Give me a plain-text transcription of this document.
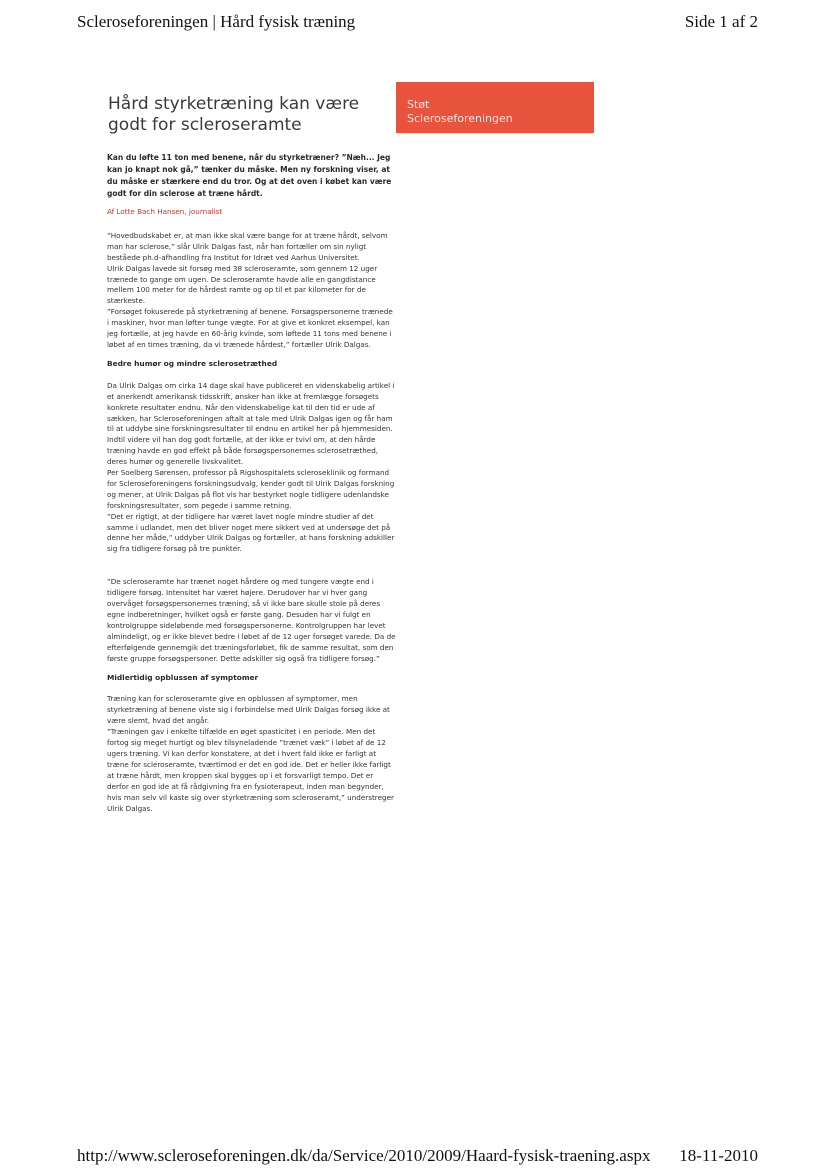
Scleroseforeningen | Hård fysisk træning	Side 1 af 2
Hård styrketræning kan være godt for scleroseramte
Støt
Scleroseforeningen

Kan du løfte 11 ton med benene, når du styrketræner? ”Næh... Jeg kan jo knapt nok gå,” tænker du måske. Men ny forskning viser, at du måske er stærkere end du tror. Og at det oven i købet kan være godt for din sclerose at træne hårdt.

Af Lotte Bach Hansen, journalist

”Hovedbudskabet er, at man ikke skal være bange for at træne hårdt, selvom man har sclerose,” slår Ulrik Dalgas fast, når han fortæller om sin nyligt beståede ph.d-afhandling fra Institut for Idræt ved Aarhus Universitet.

Ulrik Dalgas lavede sit forsøg med 38 scleroseramte, som gennem 12 uger trænede to gange om ugen. De scleroseramte havde alle en gangdistance mellem 100 meter for de hårdest ramte og op til et par kilometer for de stærkeste.

”Forsøget fokuserede på styrketræning af benene. Forsøgspersonerne trænede i maskiner, hvor man løfter tunge vægte. For at give et konkret eksempel, kan jeg fortælle, at jeg havde en 60-årig kvinde, som løftede 11 tons med benene i løbet af en times træning, da vi trænede hårdest,” fortæller Ulrik Dalgas.

Bedre humør og mindre sclerosetræthed

Da Ulrik Dalgas om cirka 14 dage skal have publiceret en videnskabelig artikel i et anerkendt amerikansk tidsskrift, ønsker han ikke at fremlægge forsøgets konkrete resultater endnu. Når den videnskabelige kat til den tid er ude af sækken, har Scleroseforeningen aftalt at tale med Ulrik Dalgas igen og får ham til at uddybe sine forskningsresultater til endnu en artikel her på hjemmesiden. Indtil videre vil han dog godt fortælle, at der ikke er tvivl om, at den hårde træning havde en god effekt på både forsøgspersonernes sclerosetræthed, deres humør og generelle livskvalitet.

Per Soelberg Sørensen, professor på Rigshospitalets scleroseklinik og formand for Scleroseforeningens forskningsudvalg, kender godt til Ulrik Dalgas forskning og mener, at Ulrik Dalgas på flot vis har bestyrket nogle tidligere udenlandske forskningsresultater, som pegede i samme retning.

”Det er rigtigt, at der tidligere har været lavet nogle mindre studier af det samme i udlandet, men det bliver noget mere sikkert ved at undersøge det på denne her måde,” uddyber Ulrik Dalgas og fortæller, at hans forskning adskiller sig fra tidligere forsøg på tre punkter.

”De scleroseramte har trænet noget hårdere og med tungere vægte end i tidligere forsøg. Intensitet har været højere. Derudover har vi hver gang overvåget forsøgspersonernes træning, så vi ikke bare skulle stole på deres egne indberetninger, hvilket også er første gang. Desuden har vi fulgt en kontrolgruppe sideløbende med forsøgspersonerne. Kontrolgruppen har levet almindeligt, og er ikke blevet bedre i løbet af de 12 uger forsøget varede. Da de efterfølgende gennemgik det træningsforløbet, fik de samme resultat, som den første gruppe forsøgspersoner. Dette adskiller sig også fra tidligere forsøg.”

Midlertidig opblussen af symptomer

Træning kan for scleroseramte give en opblussen af symptomer, men styrketræning af benene viste sig i forbindelse med Ulrik Dalgas forsøg ikke at være slemt, hvad det angår.

”Træningen gav i enkelte tilfælde en øget spasticitet i en periode. Men det fortog sig meget hurtigt og blev tilsyneladende ”trænet væk” i løbet af de 12 ugers træning. Vi kan derfor konstatere, at det i hvert fald ikke er farligt at træne for scleroseramte, tværtimod er det en god ide. Det er heller ikke farligt at træne hårdt, men kroppen skal bygges op i et forsvarligt tempo. Det er derfor en god ide at få rådgivning fra en fysioterapeut, inden man begynder, hvis man selv vil kaste sig over styrketræning som scleroseramt,” understreger Ulrik Dalgas.

http://www.scleroseforeningen.dk/da/Service/2010/2009/Haard-fysisk-traening.aspx 18-11-2010
